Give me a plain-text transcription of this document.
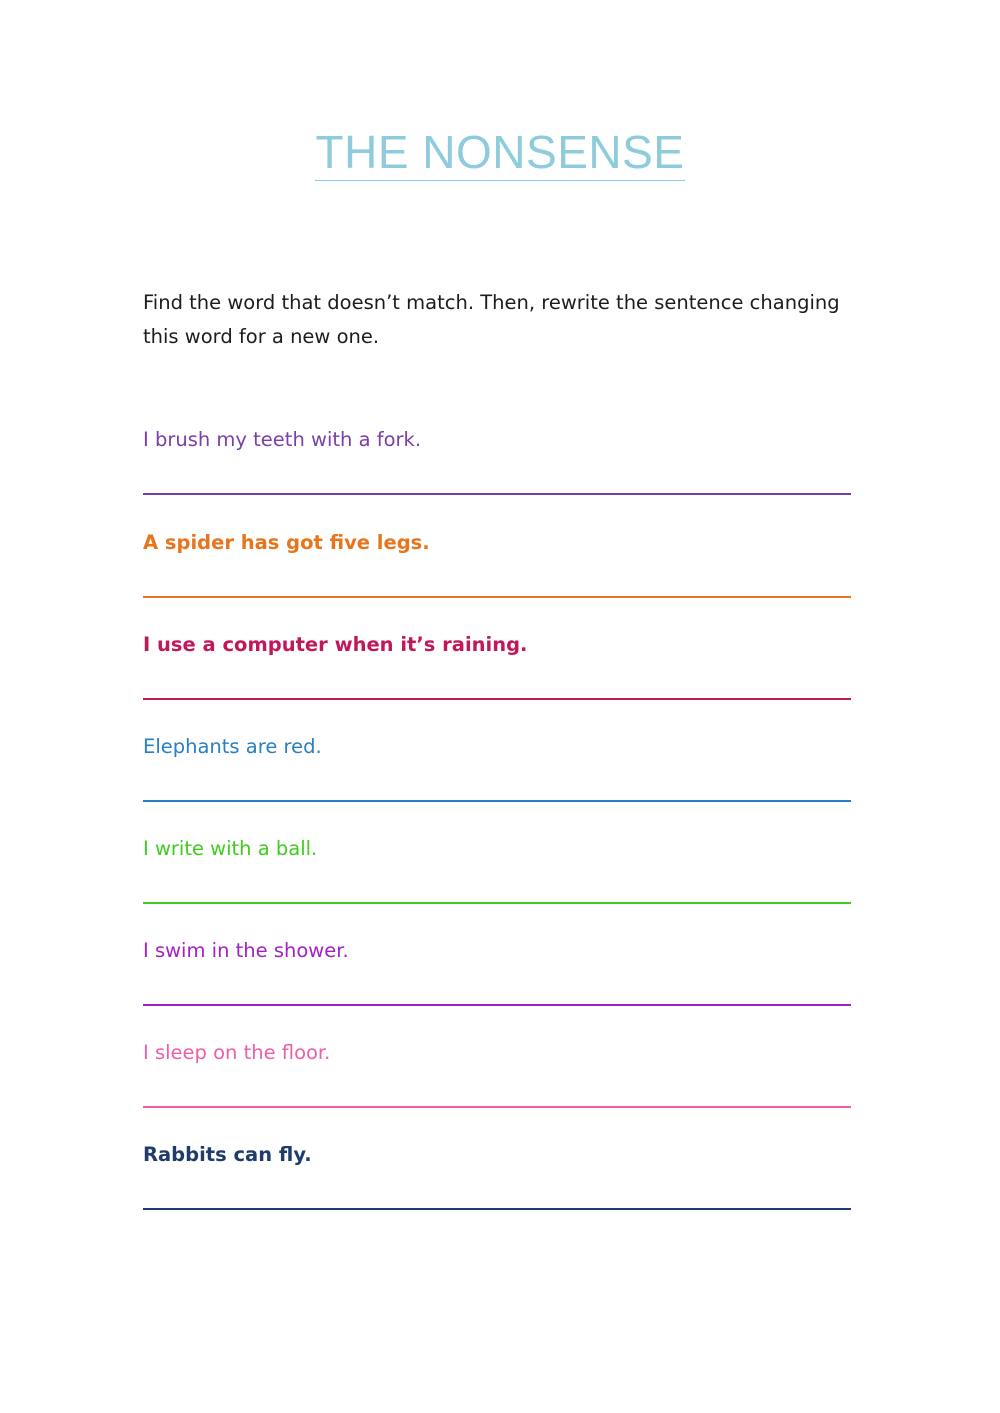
THE NONSENSE

Find the word that doesn’t match. Then, rewrite the sentence changing this word for a new one.

I brush my teeth with a fork.
A spider has got five legs.
I use a computer when it’s raining.
Elephants are red.
I write with a ball.
I swim in the shower.
I sleep on the floor.
Rabbits can fly.
